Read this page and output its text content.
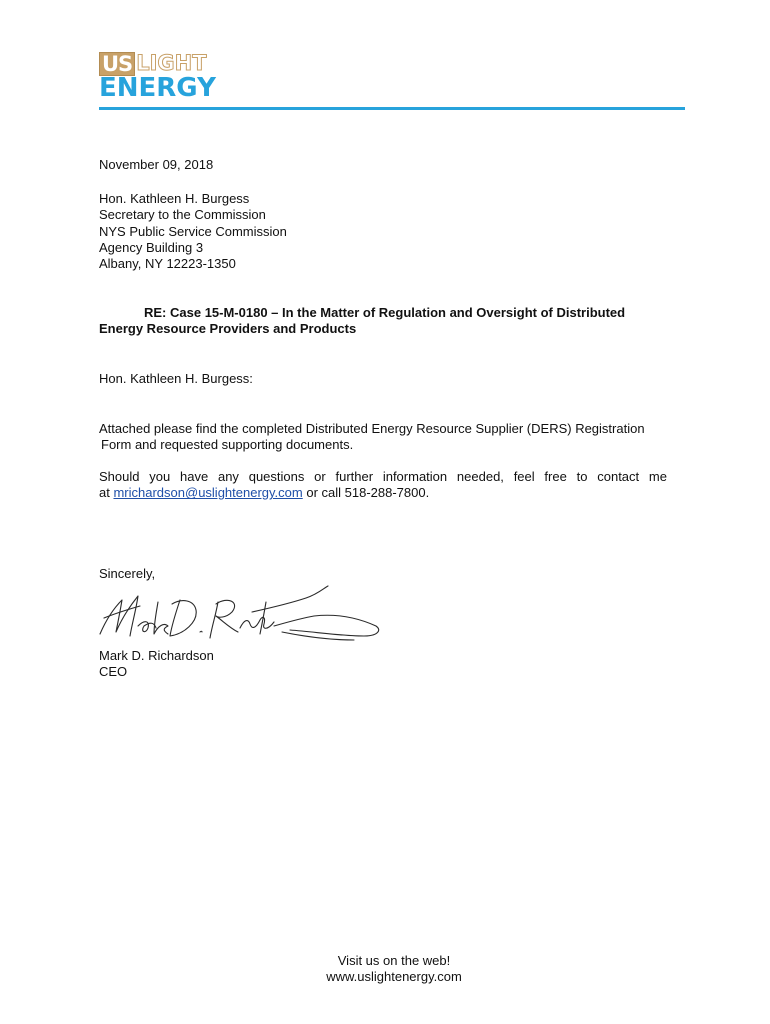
US LIGHT
ENERGY
November 09, 2018
Hon. Kathleen H. Burgess
Secretary to the Commission
NYS Public Service Commission
Agency Building 3
Albany, NY 12223-1350
RE: Case 15-M-0180 – In the Matter of Regulation and Oversight of Distributed
Energy Resource Providers and Products
Hon. Kathleen H. Burgess:
Attached please find the completed Distributed Energy Resource Supplier (DERS) Registration
Form and requested supporting documents.
Should you have any questions or further information needed, feel free to contact me
at mrichardson@uslightenergy.com or call 518-288-7800.
Sincerely,
Mark D. Richardson
CEO
Visit us on the web!
www.uslightenergy.com
